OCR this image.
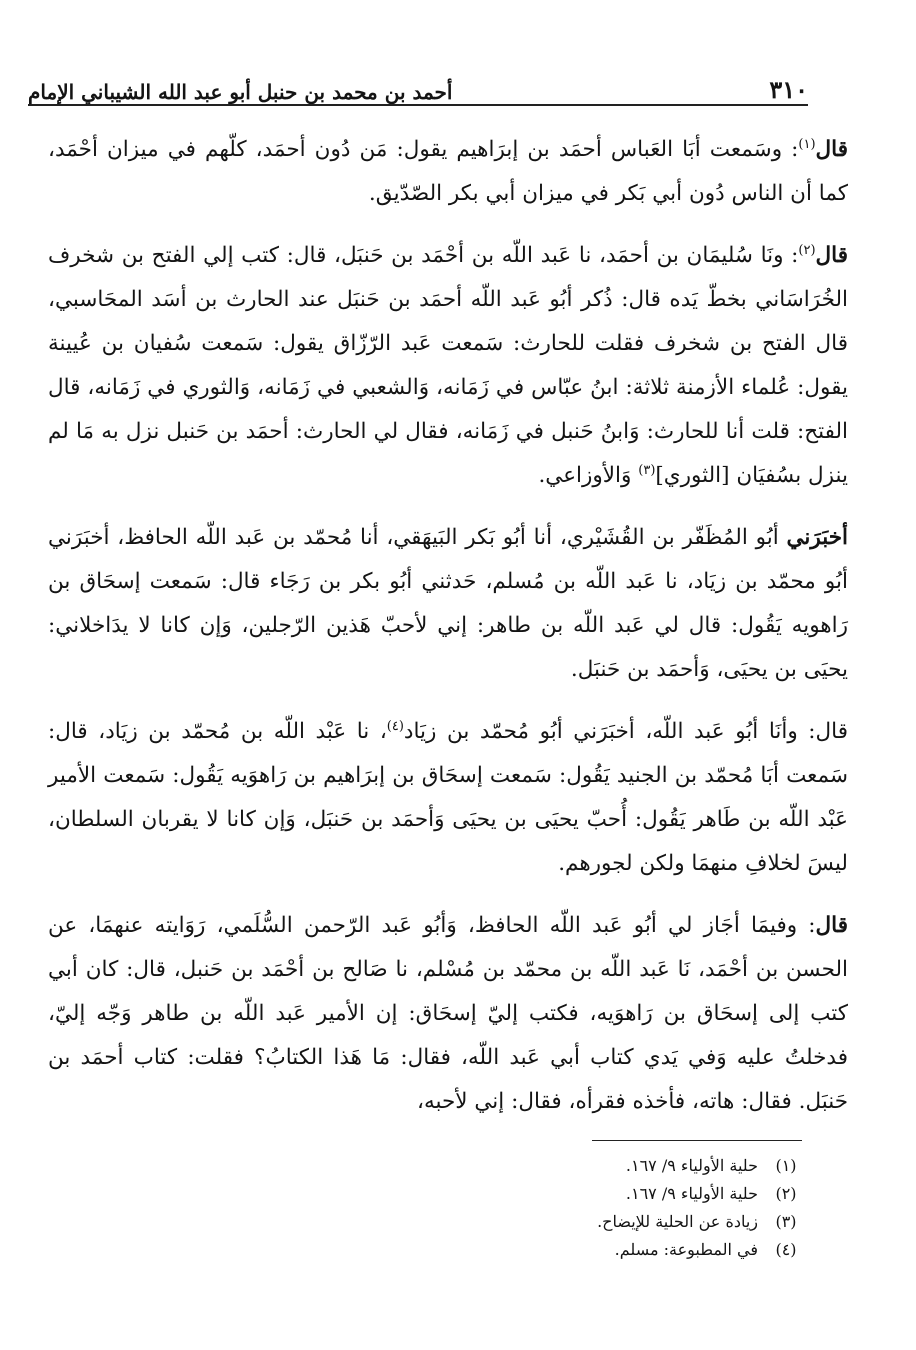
٣١٠
أحمد بن محمد بن حنبل أبو عبد الله الشيباني الإمام

قال$^{(١)}$: وسَمعت أبَا العَباس أحمَد بن إبرَاهيم يقول: مَن دُون أحمَد، كلّهم في ميزان أحْمَد، كما أن الناس دُون أبي بَكر في ميزان أبي بكر الصّدّيق.

قال$^{(٢)}$: ونَا سُليمَان بن أحمَد، نا عَبد اللّه بن أحْمَد بن حَنبَل، قال: كتب إلي الفتح بن شخرف الخُرَاسَاني بخطّ يَده قال: ذُكر أبُو عَبد اللّه أحمَد بن حَنبَل عند الحارث بن أسَد المحَاسبي، قال الفتح بن شخرف فقلت للحارث: سَمعت عَبد الرّزّاق يقول: سَمعت سُفيان بن عُيينة يقول: عُلماء الأزمنة ثلاثة: ابنُ عبّاس في زَمَانه، وَالشعبي في زَمَانه، وَالثوري في زَمَانه، قال الفتح: قلت أنا للحارث: وَابنُ حَنبل في زَمَانه، فقال لي الحارث: أحمَد بن حَنبل نزل به مَا لم ينزل بسُفيَان [الثوري]$^{(٣)}$ وَالأوزاعي.

أخبَرَني أبُو المُظَفّر بن القُشَيْري، أنا أبُو بَكر البَيهَقي، أنا مُحمّد بن عَبد اللّه الحافظ، أخبَرَني أبُو محمّد بن زيَاد، نا عَبد اللّه بن مُسلم، حَدثني أبُو بكر بن رَجَاء قال: سَمعت إسحَاق بن رَاهويه يَقُول: قال لي عَبد اللّه بن طاهر: إني لأحبّ هَذين الرّجلين، وَإن كانا لا يدَاخلاني: يحيَى بن يحيَى، وَأحمَد بن حَنبَل.

قال: وأنَا أبُو عَبد اللّه، أخبَرَني أبُو مُحمّد بن زيَاد$^{(٤)}$، نا عَبْد اللّه بن مُحمّد بن زيَاد، قال: سَمعت أبَا مُحمّد بن الجنيد يَقُول: سَمعت إسحَاق بن إبرَاهيم بن رَاهوَيه يَقُول: سَمعت الأمير عَبْد اللّه بن طَاهر يَقُول: أُحبّ يحيَى بن يحيَى وَأحمَد بن حَنبَل، وَإن كانا لا يقربان السلطان، ليسَ لخلافِ منهمَا ولكن لجورهم.

قال: وفيمَا أجَاز لي أبُو عَبد اللّه الحافظ، وَأبُو عَبد الرّحمن السُّلَمي، رَوَايته عنهمَا، عن الحسن بن أحْمَد، نَا عَبد اللّه بن محمّد بن مُسْلم، نا صَالح بن أحْمَد بن حَنبل، قال: كان أبي كتب إلى إسحَاق بن رَاهوَيه، فكتب إليّ إسحَاق: إن الأمير عَبد اللّه بن طاهر وَجّه إليّ، فدخلتُ عليه وَفي يَدي كتاب أبي عَبد اللّه، فقال: مَا هَذا الكتابُ؟ فقلت: كتاب أحمَد بن حَنبَل. فقال: هاته، فأخذه فقرأه، فقال: إني لأحبه،

(١)
حلية الأولياء ٩/ ١٦٧.
(٢)
حلية الأولياء ٩/ ١٦٧.
(٣)
زيادة عن الحلية للإيضاح.
(٤)
في المطبوعة: مسلم.
